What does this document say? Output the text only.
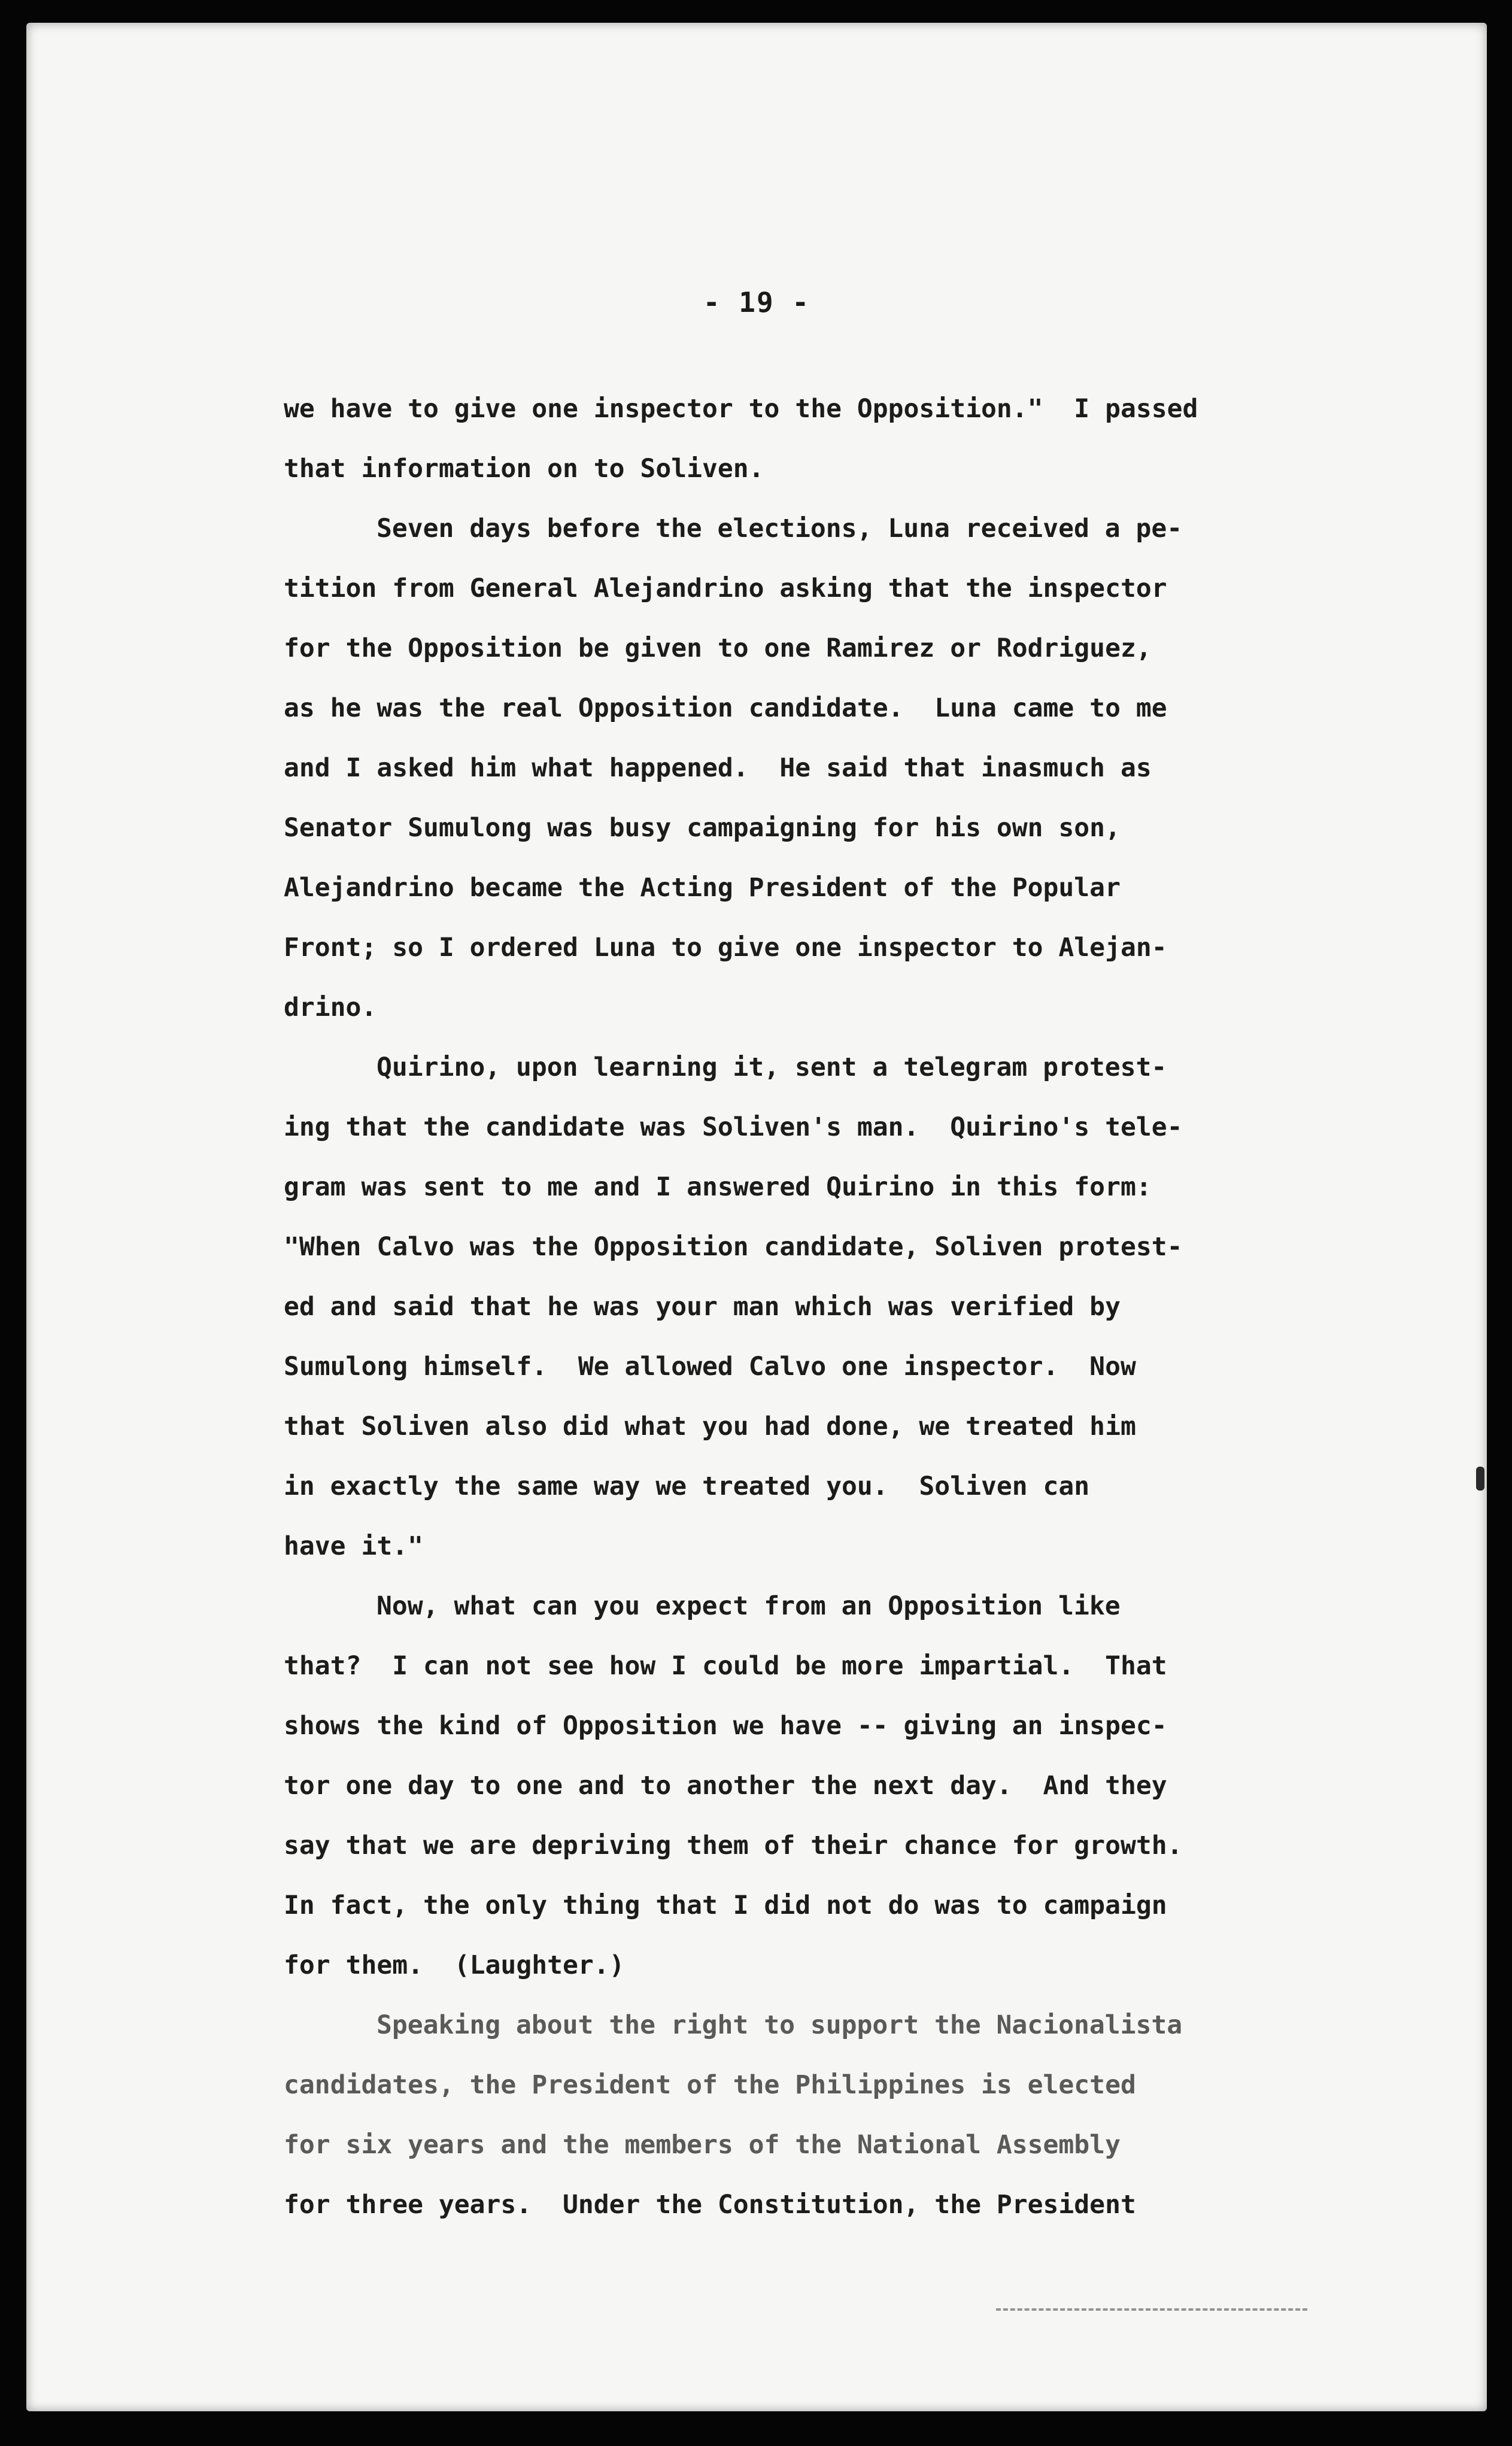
- 19 -
we have to give one inspector to the Opposition."  I passed
that information on to Soliven.
Seven days before the elections, Luna received a pe-
tition from General Alejandrino asking that the inspector
for the Opposition be given to one Ramirez or Rodriguez,
as he was the real Opposition candidate.  Luna came to me
and I asked him what happened.  He said that inasmuch as
Senator Sumulong was busy campaigning for his own son,
Alejandrino became the Acting President of the Popular
Front; so I ordered Luna to give one inspector to Alejan-
drino.
Quirino, upon learning it, sent a telegram protest-
ing that the candidate was Soliven's man.  Quirino's tele-
gram was sent to me and I answered Quirino in this form:
"When Calvo was the Opposition candidate, Soliven protest-
ed and said that he was your man which was verified by
Sumulong himself.  We allowed Calvo one inspector.  Now
that Soliven also did what you had done, we treated him
in exactly the same way we treated you.  Soliven can
have it."
Now, what can you expect from an Opposition like
that?  I can not see how I could be more impartial.  That
shows the kind of Opposition we have -- giving an inspec-
tor one day to one and to another the next day.  And they
say that we are depriving them of their chance for growth.
In fact, the only thing that I did not do was to campaign
for them.  (Laughter.)
Speaking about the right to support the Nacionalista
candidates, the President of the Philippines is elected
for six years and the members of the National Assembly
for three years.  Under the Constitution, the President
